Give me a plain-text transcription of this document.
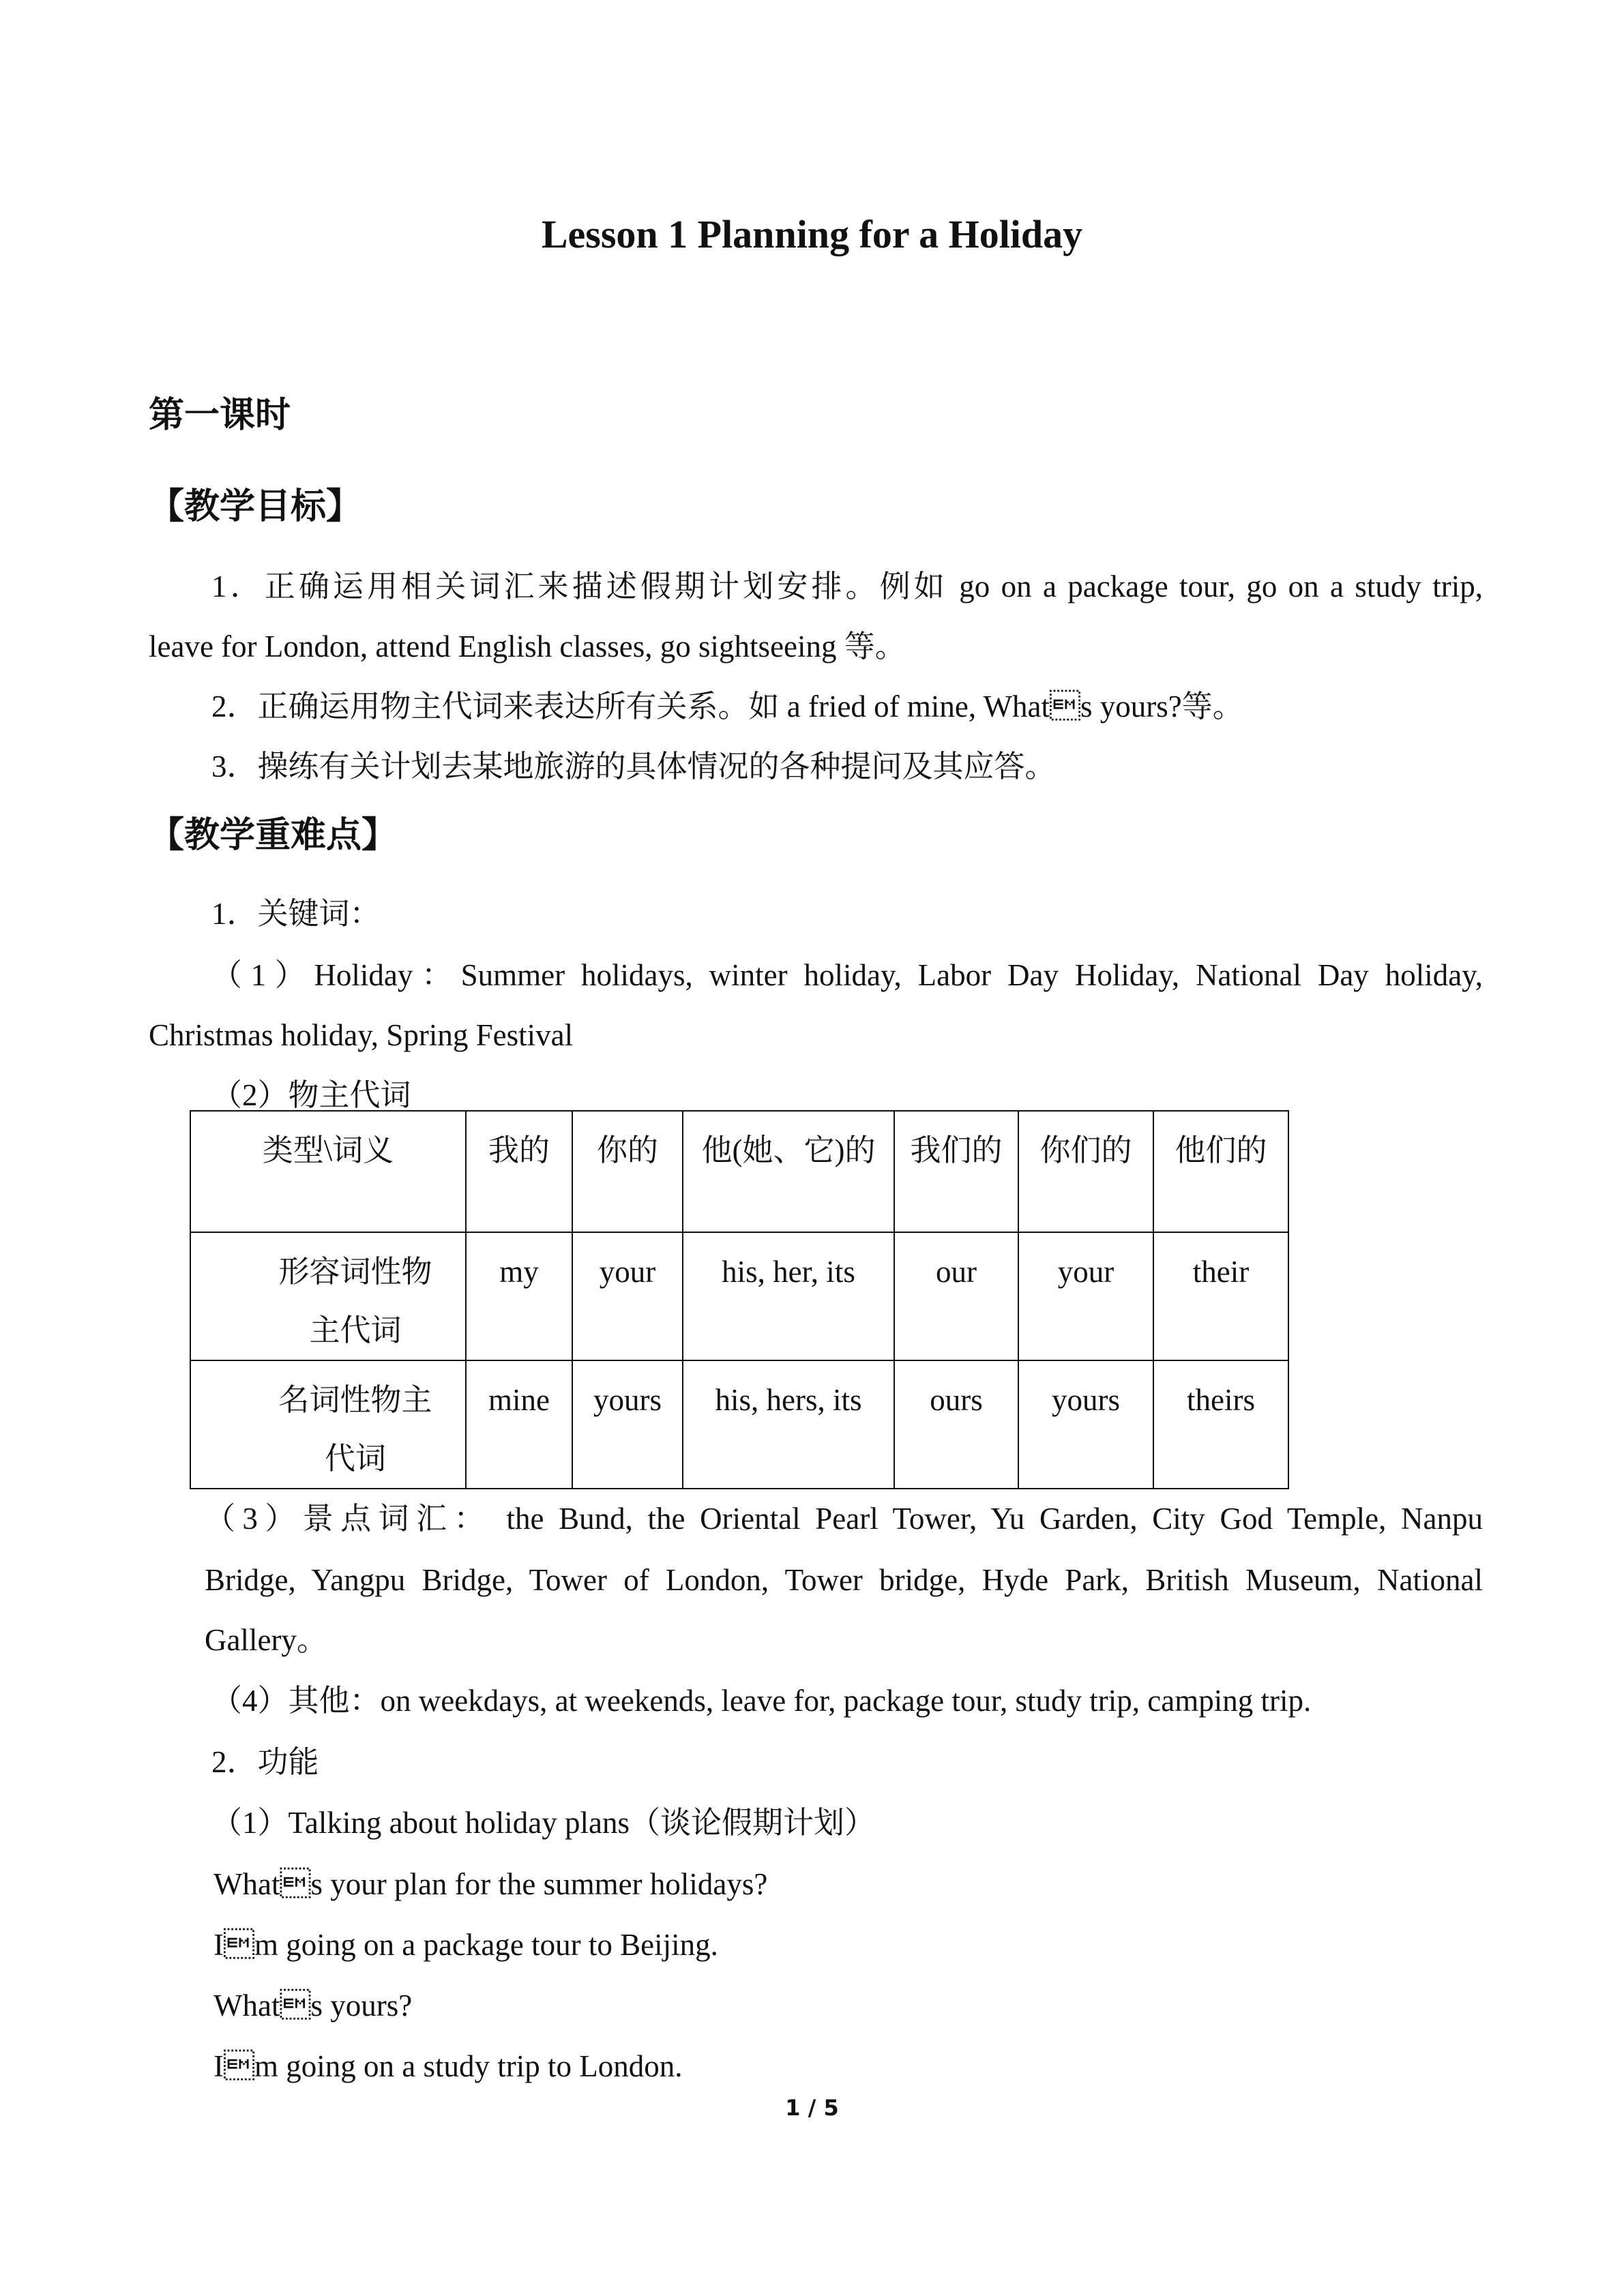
Lesson 1 Planning for a Holiday
第一课时
【教学目标】
1．正确运用相关词汇来描述假期计划安排。例如 go on a package tour, go on a study trip,
leave for London, attend English classes, go sightseeing 等。
2．正确运用物主代词来表达所有关系。如 a fried of mine, Whats yours?等。
3．操练有关计划去某地旅游的具体情况的各种提问及其应答。
【教学重难点】
1．关键词：
（1）Holiday：Summer holidays, winter holiday, Labor Day Holiday, National Day holiday,
Christmas holiday, Spring Festival
（2）物主代词
类型\词义	我的	你的	他(她、它)的	我们的	你们的	他们的
形容词性物主代词	my	your	his, her, its	our	your	their
名词性物主代词	mine	yours	his, hers, its	ours	yours	theirs
（3）景点词汇： the Bund, the Oriental Pearl Tower, Yu Garden, City God Temple, Nanpu
Bridge, Yangpu Bridge, Tower of London, Tower bridge, Hyde Park, British Museum, National
Gallery。
（4）其他：on weekdays, at weekends, leave for, package tour, study trip, camping trip.
2．功能
（1）Talking about holiday plans（谈论假期计划）
Whats your plan for the summer holidays?
Im going on a package tour to Beijing.
Whats yours?
Im going on a study trip to London.
1 / 5
